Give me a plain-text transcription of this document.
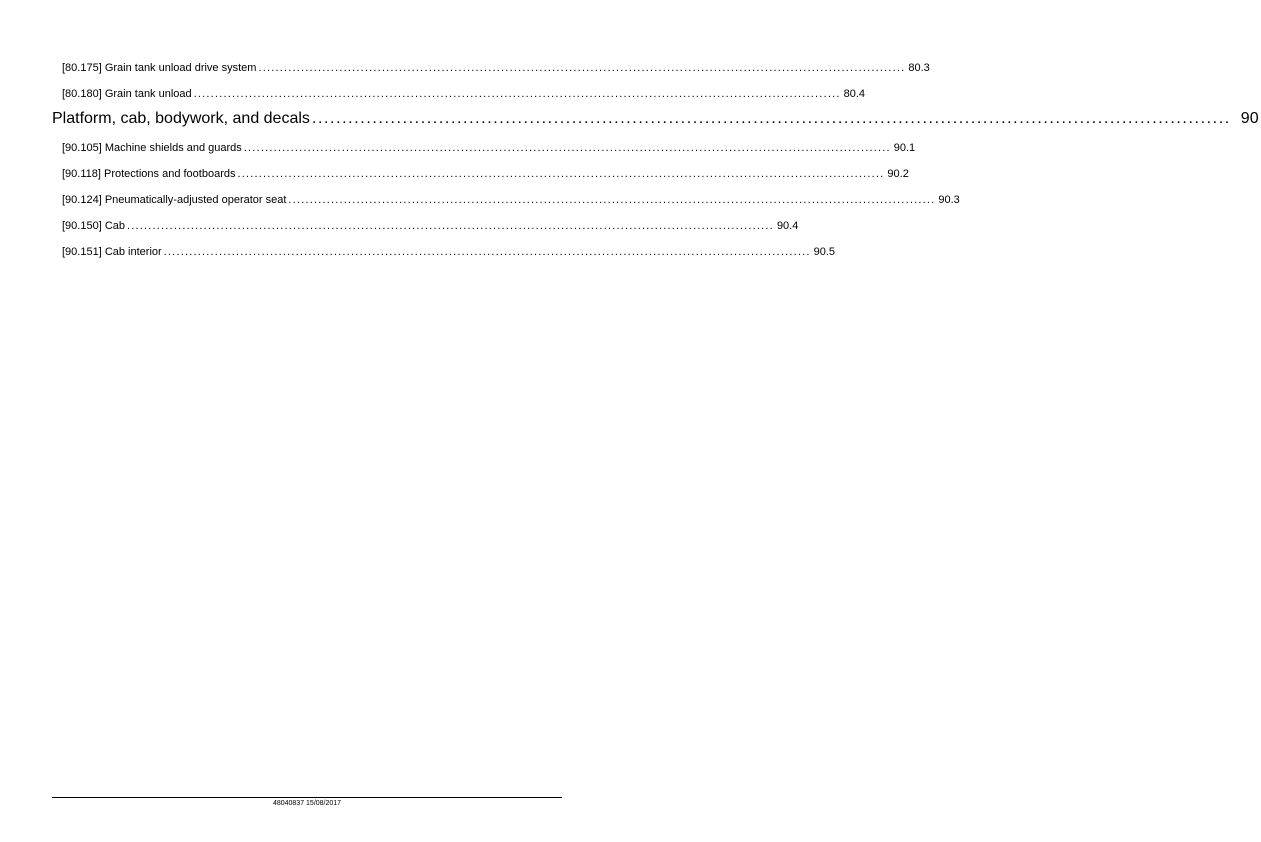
[80.175] Grain tank unload drive system ........................................................................................................................................................ 80.3
[80.180] Grain tank unload ........................................................................................................................................................ 80.4
Platform, cab, bodywork, and decals ........................................................................................................................................................ 90
[90.105] Machine shields and guards ........................................................................................................................................................ 90.1
[90.118] Protections and footboards ........................................................................................................................................................ 90.2
[90.124] Pneumatically-adjusted operator seat ........................................................................................................................................................ 90.3
[90.150] Cab ........................................................................................................................................................ 90.4
[90.151] Cab interior ........................................................................................................................................................ 90.5
48040837 15/08/2017
